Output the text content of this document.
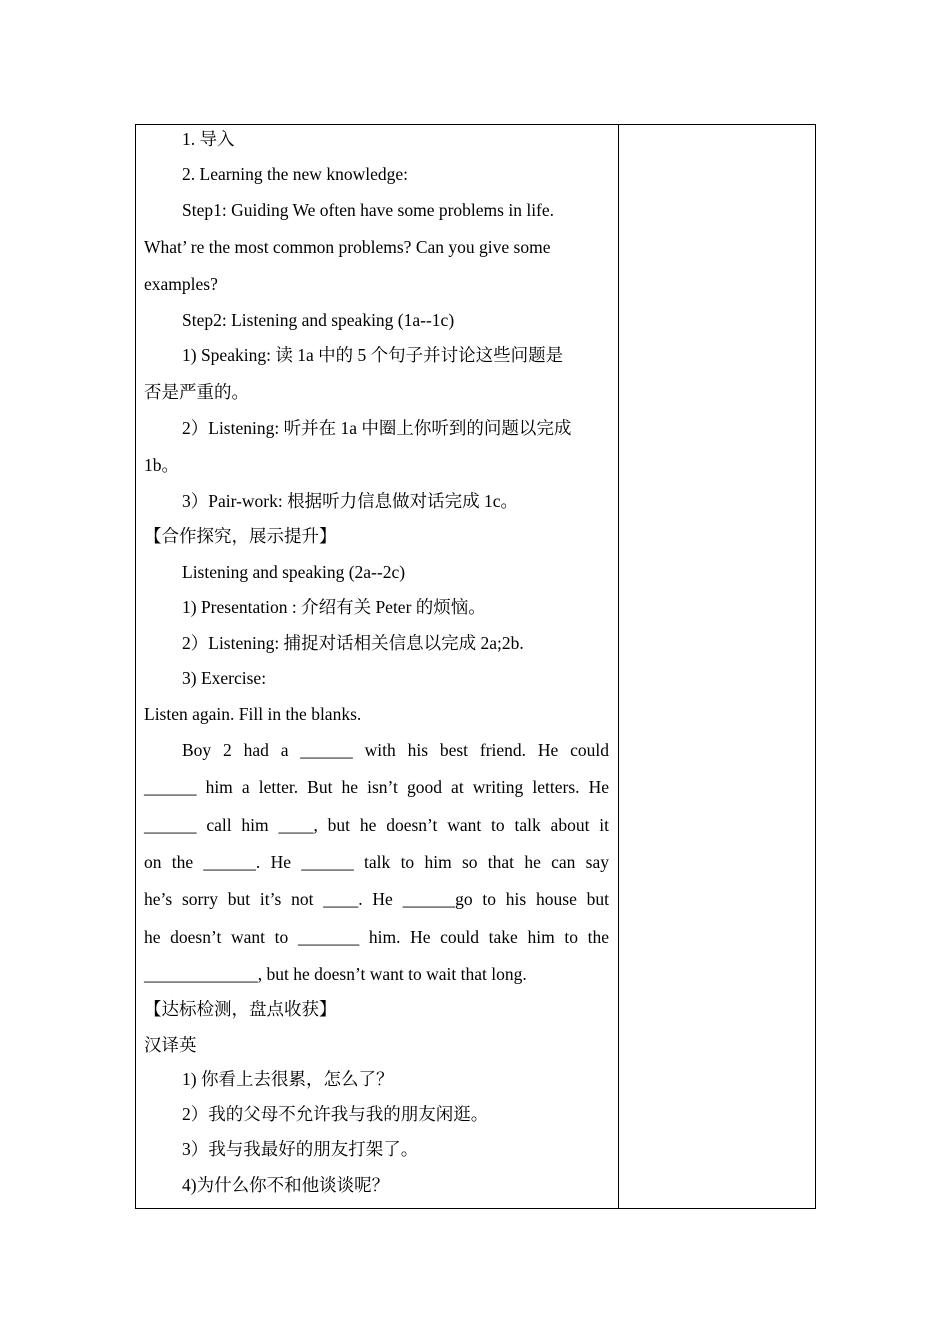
1. 导入
2. Learning the new knowledge:
Step1: Guiding We often have some problems in life.
What’ re the most common problems? Can you give some
examples?
Step2: Listening and speaking (1a--1c)
1) Speaking: 读 1a 中的 5 个句子并讨论这些问题是
否是严重的。
2）Listening: 听并在 1a 中圈上你听到的问题以完成
1b。
3）Pair-work: 根据听力信息做对话完成 1c。
【合作探究，展示提升】
Listening and speaking (2a--2c)
1) Presentation : 介绍有关 Peter 的烦恼。
2）Listening: 捕捉对话相关信息以完成 2a;2b.
3) Exercise:
Listen again. Fill in the blanks.
Boy 2 had a ______ with his best friend. He could
______ him a letter. But he isn’t good at writing letters. He
______ call him ____, but he doesn’t want to talk about it
on the ______. He ______ talk to him so that he can say
he’s sorry but it’s not ____. He ______go to his house but
he doesn’t want to _______ him. He could take him to the
_____________, but he doesn’t want to wait that long.
【达标检测，盘点收获】
汉译英
1) 你看上去很累，怎么了？
2）我的父母不允许我与我的朋友闲逛。
3）我与我最好的朋友打架了。
4)为什么你不和他谈谈呢？
